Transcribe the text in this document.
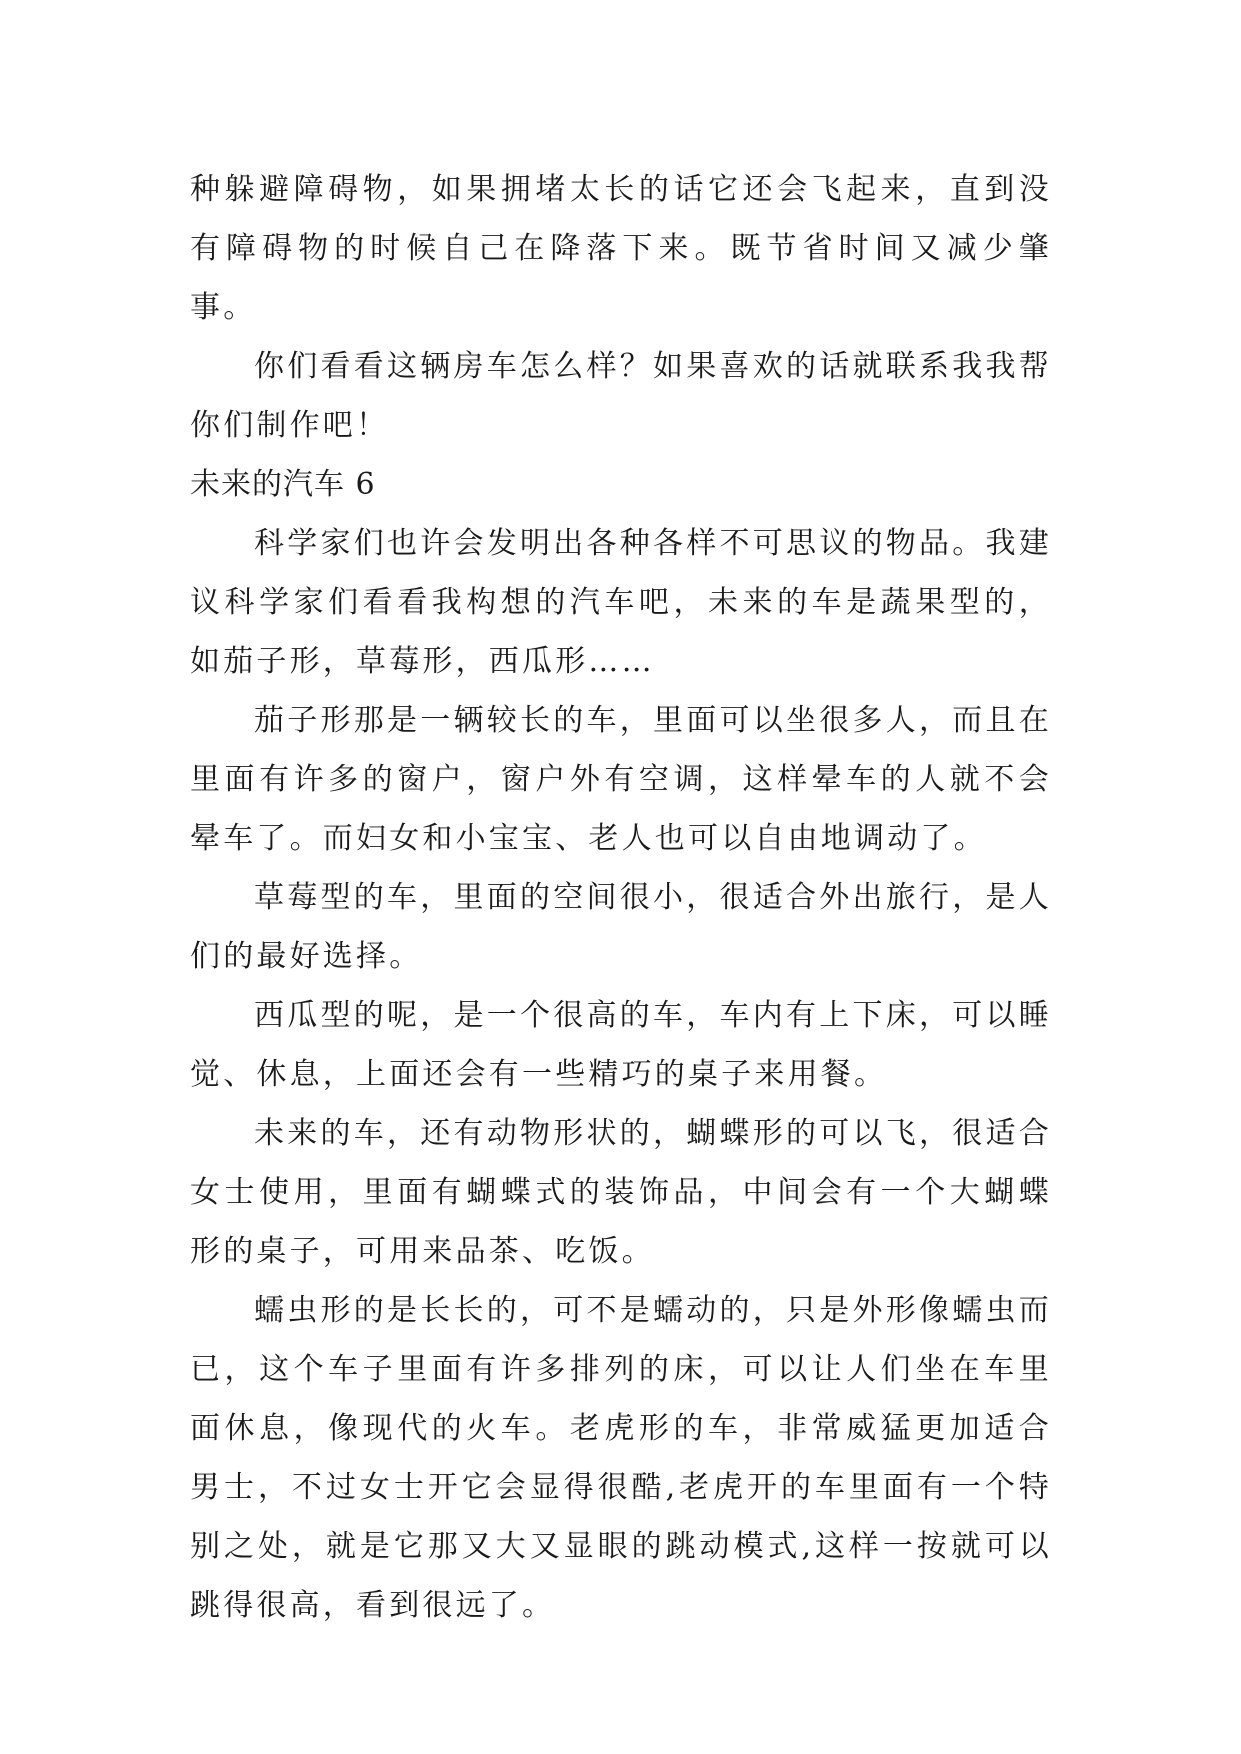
种躲避障碍物，如果拥堵太长的话它还会飞起来，直到没有障碍物的时候自己在降落下来。既节省时间又减少肇事。

你们看看这辆房车怎么样？如果喜欢的话就联系我我帮你们制作吧！

未来的汽车 6

科学家们也许会发明出各种各样不可思议的物品。我建议科学家们看看我构想的汽车吧，未来的车是蔬果型的，如茄子形，草莓形，西瓜形……

茄子形那是一辆较长的车，里面可以坐很多人，而且在里面有许多的窗户，窗户外有空调，这样晕车的人就不会晕车了。而妇女和小宝宝、老人也可以自由地调动了。

草莓型的车，里面的空间很小，很适合外出旅行，是人们的最好选择。

西瓜型的呢，是一个很高的车，车内有上下床，可以睡觉、休息，上面还会有一些精巧的桌子来用餐。

未来的车，还有动物形状的，蝴蝶形的可以飞，很适合女士使用，里面有蝴蝶式的装饰品，中间会有一个大蝴蝶形的桌子，可用来品茶、吃饭。

蠕虫形的是长长的，可不是蠕动的，只是外形像蠕虫而已，这个车子里面有许多排列的床，可以让人们坐在车里面休息，像现代的火车。老虎形的车，非常威猛更加适合男士，不过女士开它会显得很酷,老虎开的车里面有一个特别之处，就是它那又大又显眼的跳动模式,这样一按就可以跳得很高，看到很远了。
